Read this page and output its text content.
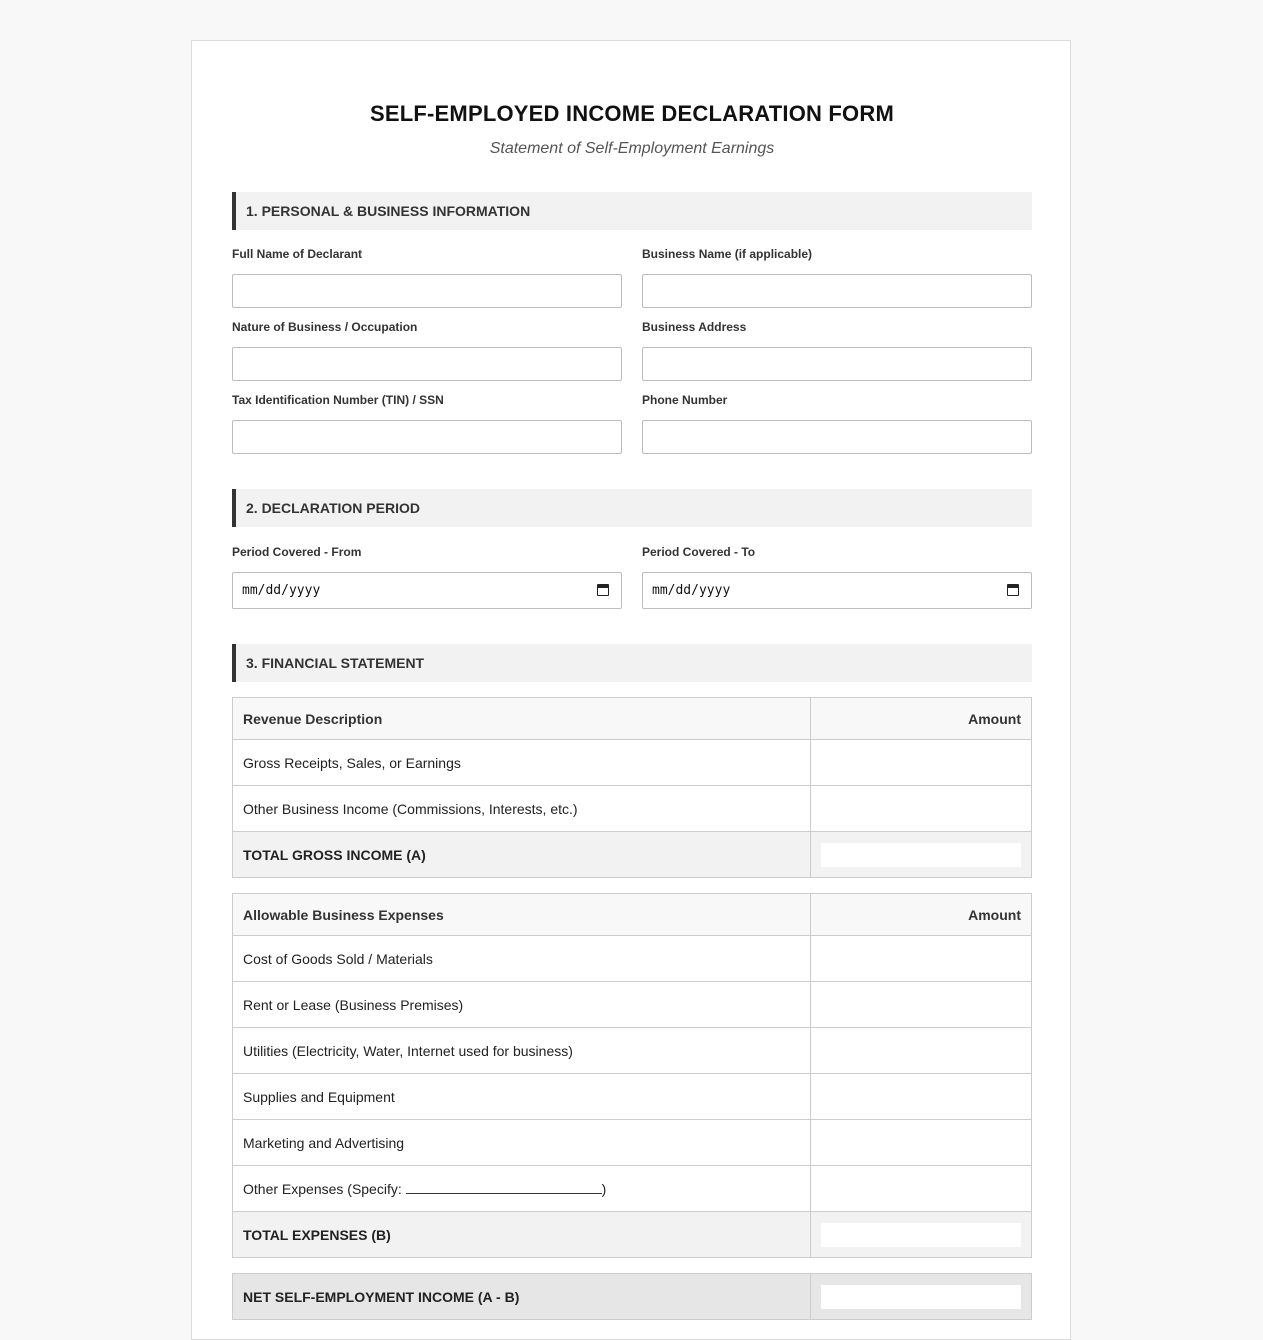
SELF-EMPLOYED INCOME DECLARATION FORM
Statement of Self-Employment Earnings
1. PERSONAL & BUSINESS INFORMATION
Full Name of Declarant	Business Name (if applicable)
Nature of Business / Occupation	Business Address
Tax Identification Number (TIN) / SSN	Phone Number
2. DECLARATION PERIOD
Period Covered - From
mm/dd/yyyy
Period Covered - To
mm/dd/yyyy
3. FINANCIAL STATEMENT
Revenue Description	Amount
Gross Receipts, Sales, or Earnings	
Other Business Income (Commissions, Interests, etc.)	
TOTAL GROSS INCOME (A)	
Allowable Business Expenses	Amount
Cost of Goods Sold / Materials	
Rent or Lease (Business Premises)	
Utilities (Electricity, Water, Internet used for business)	
Supplies and Equipment	
Marketing and Advertising	
Other Expenses (Specify: )	
TOTAL EXPENSES (B)	
NET SELF-EMPLOYMENT INCOME (A - B)	
